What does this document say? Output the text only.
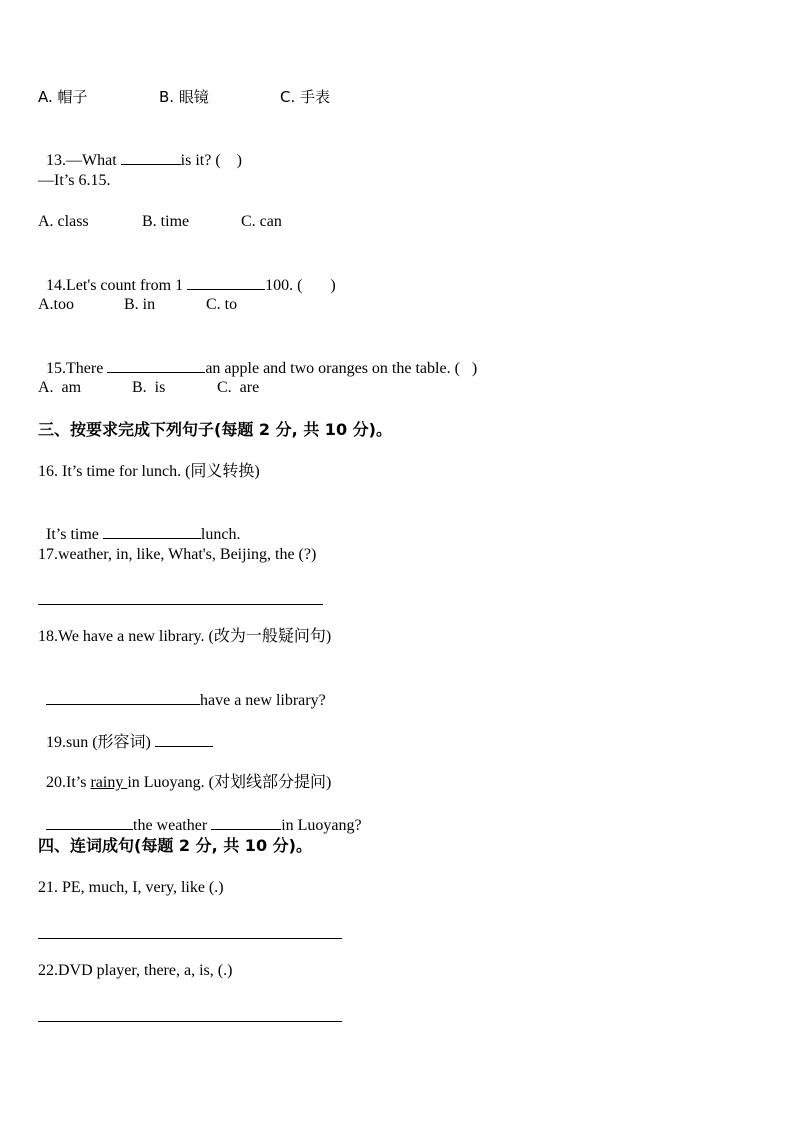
A. 帽子	B. 眼镜	C. 手表

13.—What	is it? (    )

—It’s 6.15.
A. class	B. time	C. can

14.Let's count from 1	100. (       )

A.too	B. in	C. to

15.There	an apple and two oranges on the table. (   )

A.  am	B.  is	C.  are
三、按要求完成下列句子(每题 2 分, 共 10 分)。
16. It’s time for lunch. (同义转换)

It’s time	lunch.

17.weather, in, like, What's, Beijing, the (?)
18.We have a new library. (改为一般疑问句)

have a new library?

19.sun (形容词)

20.It’s rainy in Luoyang. (对划线部分提问)

the weather	in Luoyang?

四、连词成句(每题 2 分, 共 10 分)。
21. PE, much, I, very, like (.)
22.DVD player, there, a, is, (.)
